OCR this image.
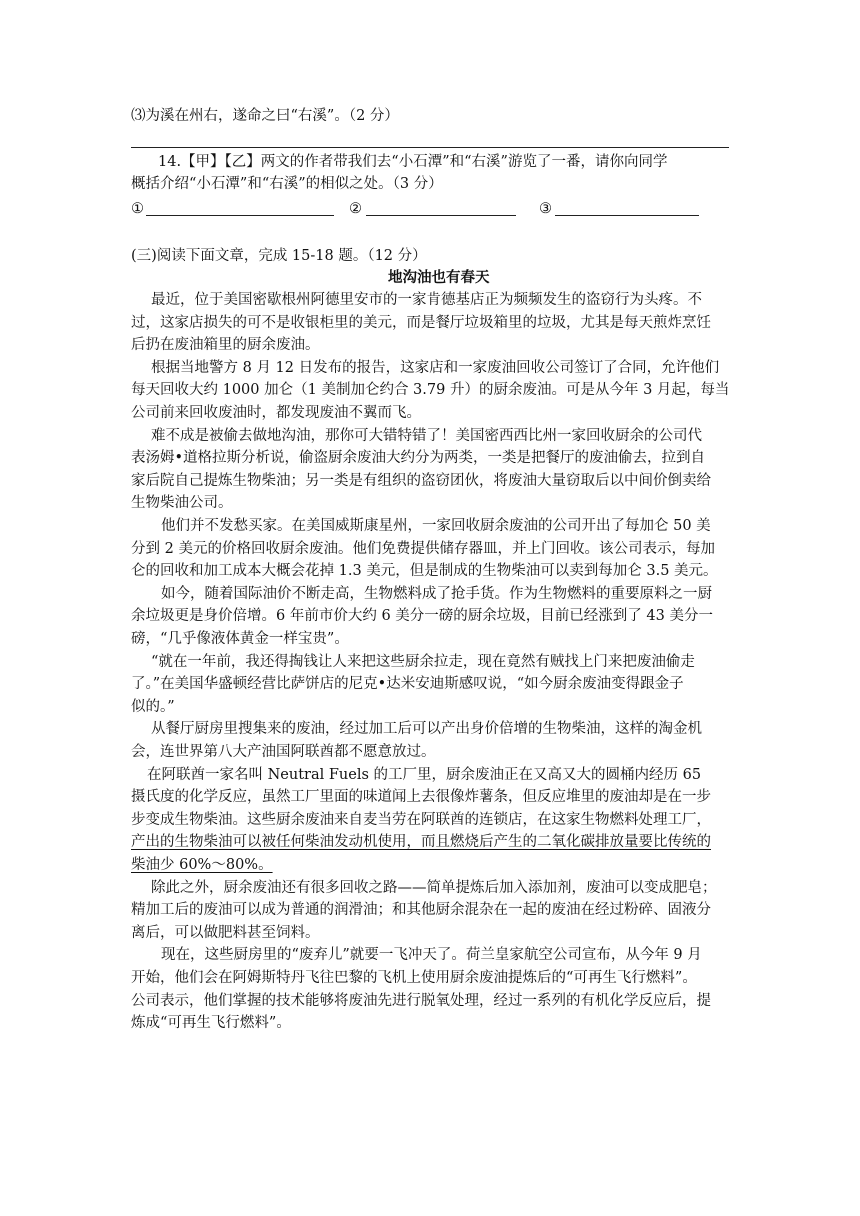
⑶为溪在州右，遂命之曰“右溪”。（2 分）
14.【甲】【乙】两文的作者带我们去“小石潭”和“右溪”游览了一番，请你向同学
概括介绍“小石潭”和“右溪”的相似之处。（3 分）
①	②	③
(三)阅读下面文章，完成 15-18 题。（12 分）
地沟油也有春天
最近，位于美国密歇根州阿德里安市的一家肯德基店正为频频发生的盗窃行为头疼。不
过，这家店损失的可不是收银柜里的美元，而是餐厅垃圾箱里的垃圾，尤其是每天煎炸烹饪
后扔在废油箱里的厨余废油。
根据当地警方 8 月 12 日发布的报告，这家店和一家废油回收公司签订了合同，允许他们
每天回收大约 1000 加仑（1 美制加仑约合 3.79 升）的厨余废油。可是从今年 3 月起，每当
公司前来回收废油时，都发现废油不翼而飞。
难不成是被偷去做地沟油，那你可大错特错了！美国密西西比州一家回收厨余的公司代
表汤姆•道格拉斯分析说，偷盗厨余废油大约分为两类，一类是把餐厅的废油偷去，拉到自
家后院自己提炼生物柴油；另一类是有组织的盗窃团伙，将废油大量窃取后以中间价倒卖给
生物柴油公司。
他们并不发愁买家。在美国威斯康星州，一家回收厨余废油的公司开出了每加仑 50 美
分到 2 美元的价格回收厨余废油。他们免费提供储存器皿，并上门回收。该公司表示，每加
仑的回收和加工成本大概会花掉 1.3 美元，但是制成的生物柴油可以卖到每加仑 3.5 美元。
如今，随着国际油价不断走高，生物燃料成了抢手货。作为生物燃料的重要原料之一厨
余垃圾更是身价倍增。6 年前市价大约 6 美分一磅的厨余垃圾，目前已经涨到了 43 美分一
磅，“几乎像液体黄金一样宝贵”。
“就在一年前，我还得掏钱让人来把这些厨余拉走，现在竟然有贼找上门来把废油偷走
了。”在美国华盛顿经营比萨饼店的尼克•达米安迪斯感叹说，“如今厨余废油变得跟金子
似的。”
从餐厅厨房里搜集来的废油，经过加工后可以产出身价倍增的生物柴油，这样的淘金机
会，连世界第八大产油国阿联酋都不愿意放过。
在阿联酋一家名叫 Neutral Fuels 的工厂里，厨余废油正在又高又大的圆桶内经历 65
摄氏度的化学反应，虽然工厂里面的味道闻上去很像炸薯条，但反应堆里的废油却是在一步
步变成生物柴油。这些厨余废油来自麦当劳在阿联酋的连锁店，在这家生物燃料处理工厂，
产出的生物柴油可以被任何柴油发动机使用，而且燃烧后产生的二氧化碳排放量要比传统的
柴油少 60%～80%。
除此之外，厨余废油还有很多回收之路——简单提炼后加入添加剂，废油可以变成肥皂；
精加工后的废油可以成为普通的润滑油；和其他厨余混杂在一起的废油在经过粉碎、固液分
离后，可以做肥料甚至饲料。
现在，这些厨房里的“废弃儿”就要一飞冲天了。荷兰皇家航空公司宣布，从今年 9 月
开始，他们会在阿姆斯特丹飞往巴黎的飞机上使用厨余废油提炼后的“可再生飞行燃料”。
公司表示，他们掌握的技术能够将废油先进行脱氧处理，经过一系列的有机化学反应后，提
炼成“可再生飞行燃料”。
